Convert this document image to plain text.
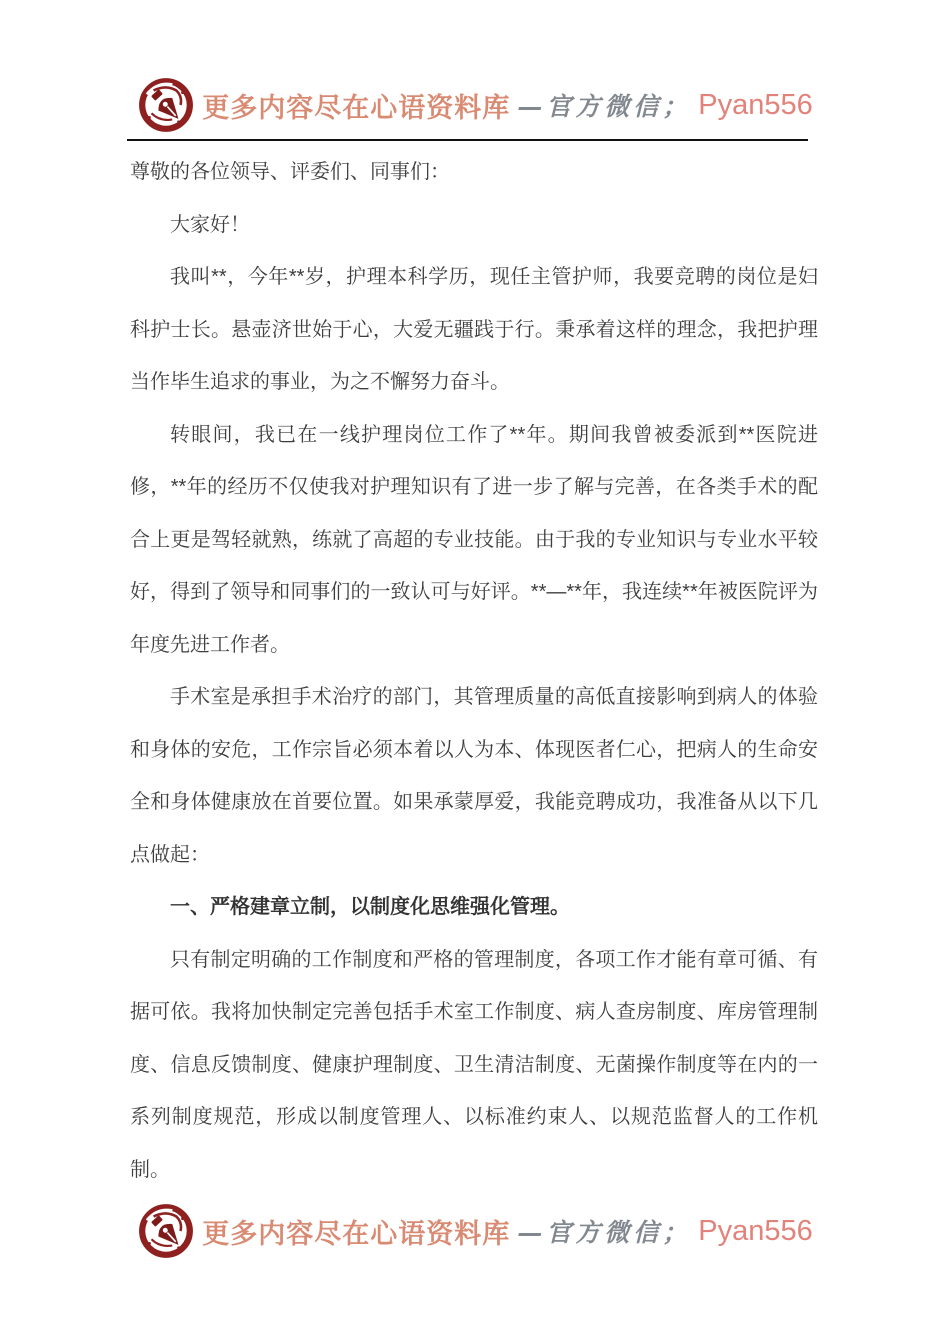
更多内容尽在心语资料库 —官方微信； Pyan556

尊敬的各位领导、评委们、同事们：

大家好！

我叫**，今年**岁，护理本科学历，现任主管护师，我要竞聘的岗位是妇科护士长。悬壶济世始于心，大爱无疆践于行。秉承着这样的理念，我把护理当作毕生追求的事业，为之不懈努力奋斗。

转眼间，我已在一线护理岗位工作了**年。期间我曾被委派到**医院进修，**年的经历不仅使我对护理知识有了进一步了解与完善，在各类手术的配合上更是驾轻就熟，练就了高超的专业技能。由于我的专业知识与专业水平较好，得到了领导和同事们的一致认可与好评。**—**年，我连续**年被医院评为年度先进工作者。

手术室是承担手术治疗的部门，其管理质量的高低直接影响到病人的体验和身体的安危，工作宗旨必须本着以人为本、体现医者仁心，把病人的生命安全和身体健康放在首要位置。如果承蒙厚爱，我能竞聘成功，我准备从以下几点做起：

一、严格建章立制，以制度化思维强化管理。

只有制定明确的工作制度和严格的管理制度，各项工作才能有章可循、有据可依。我将加快制定完善包括手术室工作制度、病人查房制度、库房管理制度、信息反馈制度、健康护理制度、卫生清洁制度、无菌操作制度等在内的一系列制度规范，形成以制度管理人、以标准约束人、以规范监督人的工作机制。

更多内容尽在心语资料库 —官方微信； Pyan556
